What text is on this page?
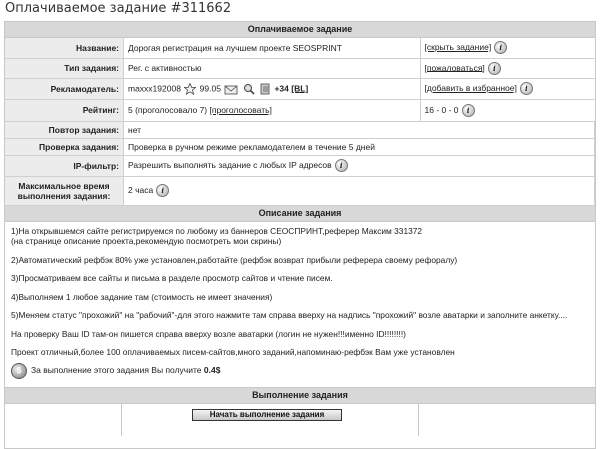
Оплачиваемое задание #311662
Оплачиваемое задание
Название:	Дорогая регистрация на лучшем проекте SEOSPRINT	[скрыть задание] i
Тип задания:	Рег. с активностью	[пожаловаться] i
Рекламодатель:	maxxx192008 99.05 +34 [BL]	[добавить в избранное] i
Рейтинг:	5 (проголосовало 7) [проголосовать]	16 - 0 - 0 i
Повтор задания:	нет	
Проверка задания:	Проверка в ручном режиме рекламодателем в течение 5 дней	
IP-фильтр:	Разрешить выполнять задание с любых IP адресов i	
Максимальное время выполнения задания:	2 часа i	
Описание задания

1)На открывшемся сайте регистрируемся по любому из баннеров СЕОСПРИНТ,реферер Максим 331372
(на странице описание проекта,рекомендую посмотреть мои скрины)

2)Автоматический рефбэк 80% уже установлен,работайте (рефбэк возврат прибыли реферера своему рефоралу)

3)Просматриваем все сайты и письма в разделе просмотр сайтов и чтение писем.

4)Выполняем 1 любое задание там (стоимость не имеет значения)

5)Меняем статус "прохожий" на "рабочий"-для этого нажмите там справа вверху на надпись "прохожий" возле аватарки и заполните анкетку....

На проверку Ваш ID там-он пишется справа вверху возле аватарки (логин не нужен!!!именно ID!!!!!!!!)

Проект отличный,более 100 оплачиваемых писем-сайтов,много заданий,напоминаю-рефбэк Вам уже установлен

$	За выполнение этого задания Вы получите
0.4$
Выполнение задания
Начать выполнение задания
